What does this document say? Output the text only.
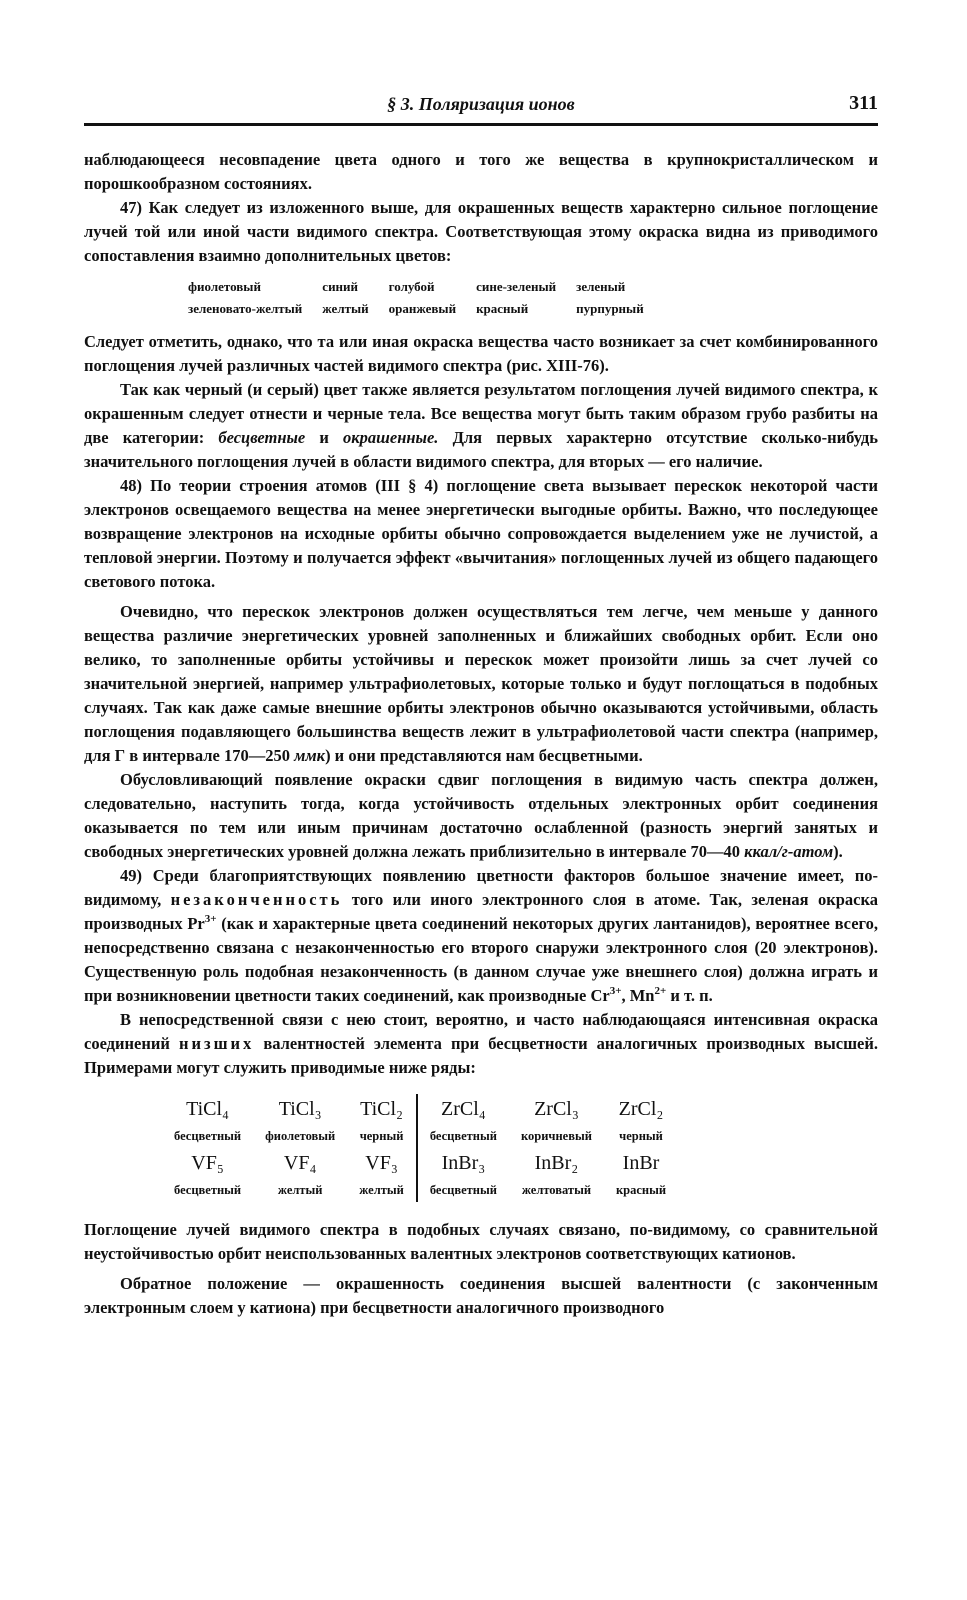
§ 3. Поляризация ионов	311

наблюдающееся несовпадение цвета одного и того же вещества в крупнокристаллическом и порошкообразном состояниях.

47) Как следует из изложенного выше, для окрашенных веществ характерно сильное поглощение лучей той или иной части видимого спектра. Соответствующая этому окраска видна из приводимого сопоставления взаимно дополнительных цветов:

фиолетовый	синий	голубой	сине-зеленый	зеленый
зеленовато-желтый	желтый	оранжевый	красный	пурпурный

Следует отметить, однако, что та или иная окраска вещества часто возникает за счет комбинированного поглощения лучей различных частей видимого спектра (рис. XIII-76).

Так как черный (и серый) цвет также является результатом поглощения лучей видимого спектра, к окрашенным следует отнести и черные тела. Все вещества могут быть таким образом грубо разбиты на две категории: бесцветные и окрашенные. Для первых характерно отсутствие сколько-нибудь значительного поглощения лучей в области видимого спектра, для вторых — его наличие.

48) По теории строения атомов (III § 4) поглощение света вызывает перескок некоторой части электронов освещаемого вещества на менее энергетически выгодные орбиты. Важно, что последующее возвращение электронов на исходные орбиты обычно сопровождается выделением уже не лучистой, а тепловой энергии. Поэтому и получается эффект «вычитания» поглощенных лучей из общего падающего светового потока.

Очевидно, что перескок электронов должен осуществляться тем легче, чем меньше у данного вещества различие энергетических уровней заполненных и ближайших свободных орбит. Если оно велико, то заполненные орбиты устойчивы и перескок может произойти лишь за счет лучей со значительной энергией, например ультрафиолетовых, которые только и будут поглощаться в подобных случаях. Так как даже самые внешние орбиты электронов обычно оказываются устойчивыми, область поглощения подавляющего большинства веществ лежит в ультрафиолетовой части спектра (например, для Г в интервале 170—250 ммк) и они представляются нам бесцветными.

Обусловливающий появление окраски сдвиг поглощения в видимую часть спектра должен, следовательно, наступить тогда, когда устойчивость отдельных электронных орбит соединения оказывается по тем или иным причинам достаточно ослабленной (разность энергий занятых и свободных энергетических уровней должна лежать приблизительно в интервале 70—40 ккал/г-атом).

49) Среди благоприятствующих появлению цветности факторов большое значение имеет, по-видимому, незаконченность того или иного электронного слоя в атоме. Так, зеленая окраска производных $Pr^{3+}$ (как и характерные цвета соединений некоторых других лантанидов), вероятнее всего, непосредственно связана с незаконченностью его второго снаружи электронного слоя (20 электронов). Существенную роль подобная незаконченность (в данном случае уже внешнего слоя) должна играть и при возникновении цветности таких соединений, как производные $Cr^{3+}$, $Mn^{2+}$ и т. п.

В непосредственной связи с нею стоит, вероятно, и часто наблюдающаяся интенсивная окраска соединений низших валентностей элемента при бесцветности аналогичных производных высшей. Примерами могут служить приводимые ниже ряды:

TiCl₄	TiCl₃	TiCl₂	ZrCl₄	ZrCl₃	ZrCl₂
бесцветный	фиолетовый	черный	бесцветный	коричневый	черный
VF₅	VF₄	VF₃	InBr₃	InBr₂	InBr
бесцветный	желтый	желтый	бесцветный	желтоватый	красный

Поглощение лучей видимого спектра в подобных случаях связано, по-видимому, со сравнительной неустойчивостью орбит неиспользованных валентных электронов соответствующих катионов.

Обратное положение — окрашенность соединения высшей валентности (с законченным электронным слоем у катиона) при бесцветности аналогичного производного
